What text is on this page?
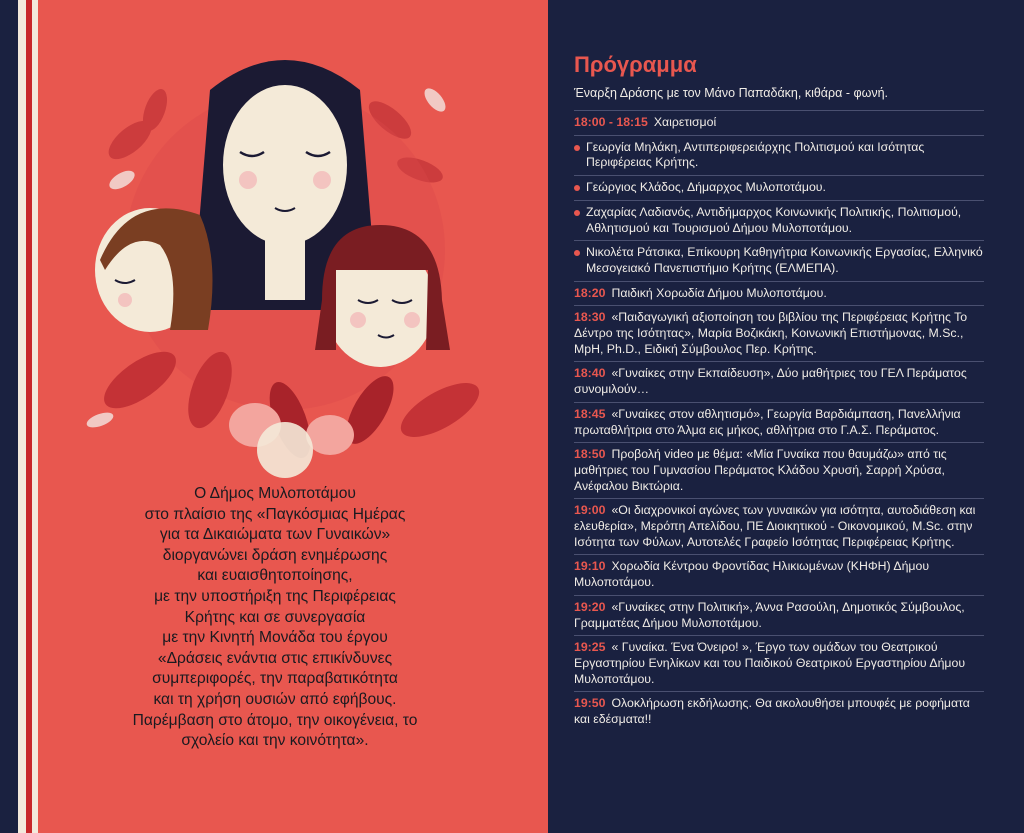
Ο Δήμος Μυλοποτάμου
στο πλαίσιο της «Παγκόσμιας Ημέρας
για τα Δικαιώματα των Γυναικών»
διοργανώνει δράση ενημέρωσης
και ευαισθητοποίησης,
με την υποστήριξη της Περιφέρειας
Κρήτης και σε συνεργασία
με την Κινητή Μονάδα του έργου
«Δράσεις ενάντια στις επικίνδυνες
συμπεριφορές, την παραβατικότητα
και τη χρήση ουσιών από εφήβους.
Παρέμβαση στο άτομο, την οικογένεια, το
σχολείο και την κοινότητα».
Πρόγραμμα
Έναρξη Δράσης με τον Μάνο Παπαδάκη, κιθάρα - φωνή.
18:00 - 18:15 Χαιρετισμοί
Γεωργία Μηλάκη, Αντιπεριφερειάρχης Πολιτισμού και Ισότητας Περιφέρειας Κρήτης.
Γεώργιος Κλάδος, Δήμαρχος Μυλοποτάμου.
Ζαχαρίας Λαδιανός, Αντιδήμαρχος Κοινωνικής Πολιτικής, Πολιτισμού, Αθλητισμού και Τουρισμού Δήμου Μυλοποτάμου.
Νικολέτα Ράτσικα, Επίκουρη Καθηγήτρια Κοινωνικής Εργασίας, Ελληνικό Μεσογειακό Πανεπιστήμιο Κρήτης (ΕΛΜΕΠΑ).
18:20 Παιδική Χορωδία Δήμου Μυλοποτάμου.
18:30 «Παιδαγωγική αξιοποίηση του βιβλίου της Περιφέρειας Κρήτης Το Δέντρο της Ισότητας», Μαρία Βοζικάκη, Κοινωνική Επιστήμονας, M.Sc., MpH, Ph.D., Ειδική Σύμβουλος Περ. Κρήτης.
18:40 «Γυναίκες στην Εκπαίδευση», Δύο μαθήτριες του ΓΕΛ Περάματος συνομιλούν…
18:45 «Γυναίκες στον αθλητισμό», Γεωργία Βαρδιάμπαση, Πανελλήνια πρωταθλήτρια στο Άλμα εις μήκος, αθλήτρια στο Γ.Α.Σ. Περάματος.
18:50 Προβολή video με θέμα: «Μία Γυναίκα που θαυμάζω» από τις μαθήτριες του Γυμνασίου Περάματος Κλάδου Χρυσή, Σαρρή Χρύσα, Ανέφαλου Βικτώρια.
19:00 «Οι διαχρονικοί αγώνες των γυναικών για ισότητα, αυτοδιάθεση και ελευθερία», Μερόπη Απελίδου, ΠΕ Διοικητικού - Οικονομικού, M.Sc. στην Ισότητα των Φύλων, Αυτοτελές Γραφείο Ισότητας Περιφέρειας Κρήτης.
19:10 Χορωδία Κέντρου Φροντίδας Ηλικιωμένων (ΚΗΦΗ) Δήμου Μυλοποτάμου.
19:20 «Γυναίκες στην Πολιτική», Άννα Ρασούλη, Δημοτικός Σύμβουλος, Γραμματέας Δήμου Μυλοποτάμου.
19:25 « Γυναίκα. Ένα Όνειρο! », Έργο των ομάδων του Θεατρικού Εργαστηρίου Ενηλίκων και του Παιδικού Θεατρικού Εργαστηρίου Δήμου Μυλοποτάμου.
19:50 Ολοκλήρωση εκδήλωσης. Θα ακολουθήσει μπουφές με ροφήματα και εδέσματα!!
